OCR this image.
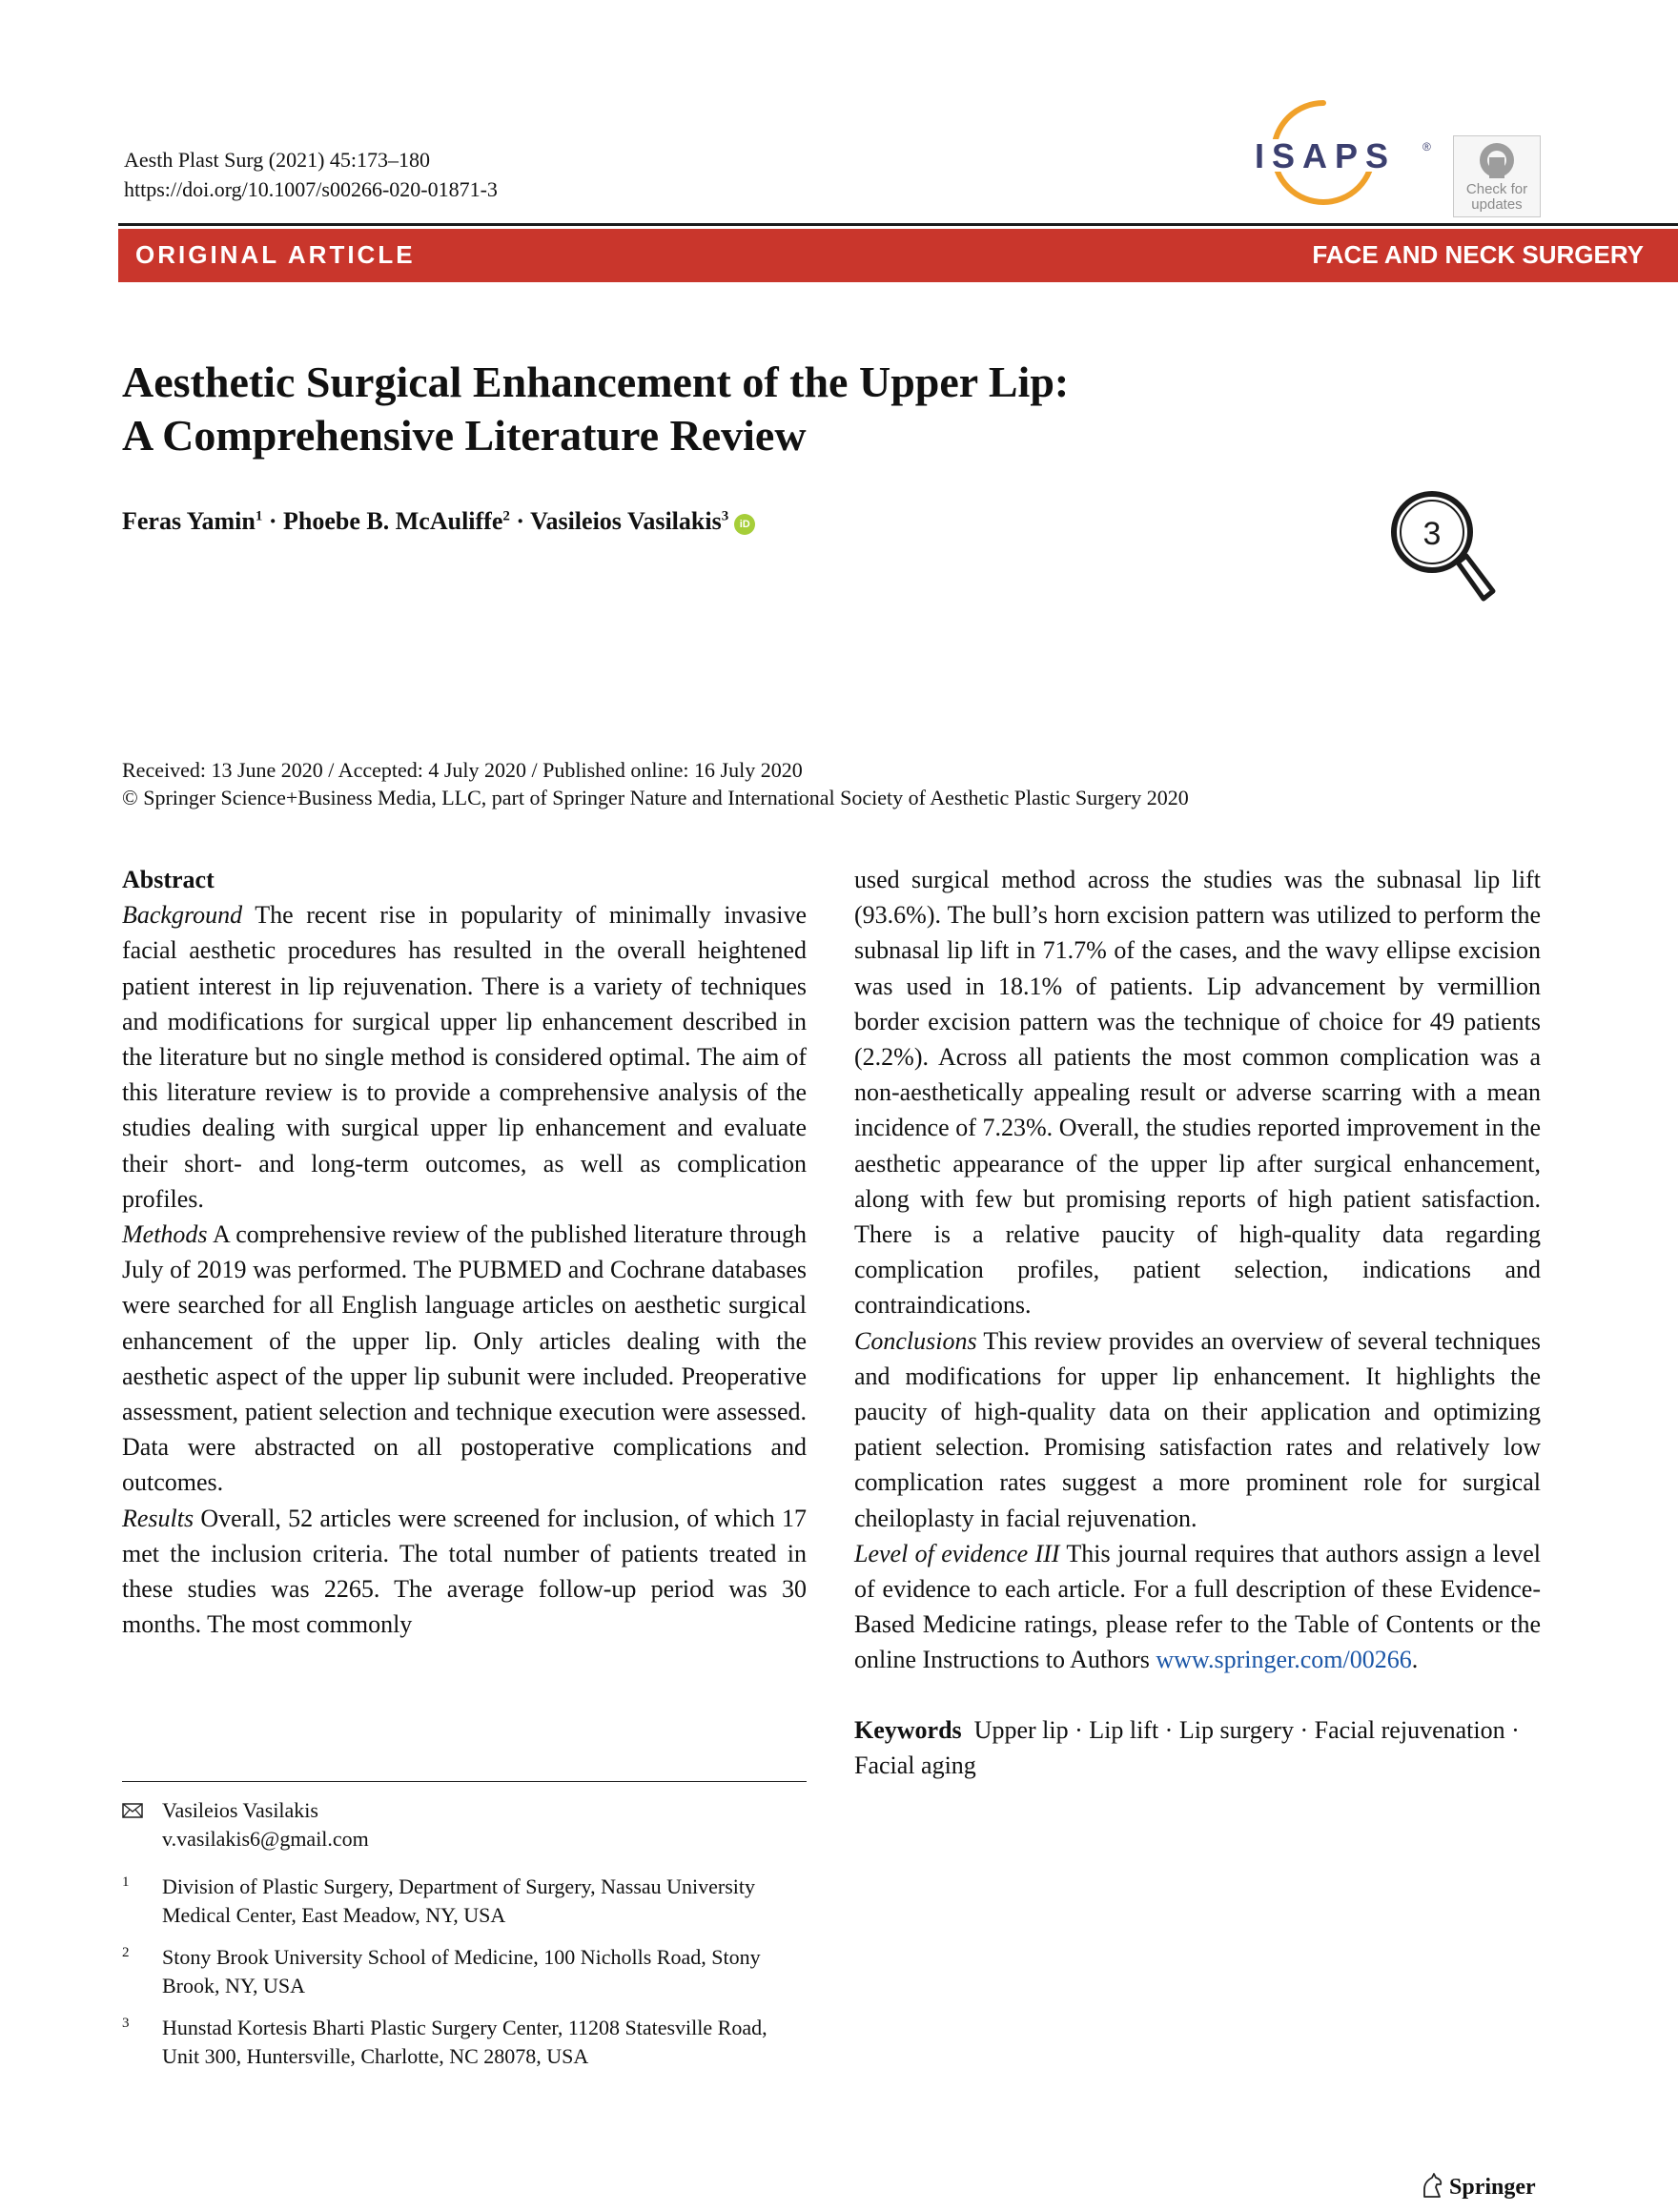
Aesth Plast Surg (2021) 45:173–180
https://doi.org/10.1007/s00266-020-01871-3
ISAPS ®
Check for updates
ORIGINAL ARTICLE	FACE AND NECK SURGERY
Aesthetic Surgical Enhancement of the Upper Lip:
A Comprehensive Literature Review
Feras Yamin$^1$ · Phoebe B. McAuliffe$^2$ · Vasileios Vasilakis$^3$iD	3
Received: 13 June 2020 / Accepted: 4 July 2020 / Published online: 16 July 2020
© Springer Science+Business Media, LLC, part of Springer Nature and International Society of Aesthetic Plastic Surgery 2020

Abstract

Background The recent rise in popularity of minimally invasive facial aesthetic procedures has resulted in the overall heightened patient interest in lip rejuvenation. There is a variety of techniques and modifications for surgical upper lip enhancement described in the literature but no single method is considered optimal. The aim of this literature review is to provide a comprehensive analysis of the studies dealing with surgical upper lip enhancement and evaluate their short- and long-term outcomes, as well as complication profiles.

Methods A comprehensive review of the published literature through July of 2019 was performed. The PUBMED and Cochrane databases were searched for all English language articles on aesthetic surgical enhancement of the upper lip. Only articles dealing with the aesthetic aspect of the upper lip subunit were included. Preoperative assessment, patient selection and technique execution were assessed. Data were abstracted on all postoperative complications and outcomes.

Results Overall, 52 articles were screened for inclusion, of which 17 met the inclusion criteria. The total number of patients treated in these studies was 2265. The average follow-up period was 30 months. The most commonly

used surgical method across the studies was the subnasal lip lift (93.6%). The bull’s horn excision pattern was utilized to perform the subnasal lip lift in 71.7% of the cases, and the wavy ellipse excision was used in 18.1% of patients. Lip advancement by vermillion border excision pattern was the technique of choice for 49 patients (2.2%). Across all patients the most common complication was a non-aesthetically appealing result or adverse scarring with a mean incidence of 7.23%. Overall, the studies reported improvement in the aesthetic appearance of the upper lip after surgical enhancement, along with few but promising reports of high patient satisfaction. There is a relative paucity of high-quality data regarding complication profiles, patient selection, indications and contraindications.

Conclusions This review provides an overview of several techniques and modifications for upper lip enhancement. It highlights the paucity of high-quality data on their application and optimizing patient selection. Promising satisfaction rates and relatively low complication rates suggest a more prominent role for surgical cheiloplasty in facial rejuvenation.

Level of evidence III This journal requires that authors assign a level of evidence to each article. For a full description of these Evidence-Based Medicine ratings, please refer to the Table of Contents or the online Instructions to Authors www.springer.com/00266.

Keywords Upper lip · Lip lift · Lip surgery · Facial rejuvenation · Facial aging

Vasileios Vasilakis
v.vasilakis6@gmail.com
1 Division of Plastic Surgery, Department of Surgery, Nassau University Medical Center, East Meadow, NY, USA
2 Stony Brook University School of Medicine, 100 Nicholls Road, Stony Brook, NY, USA
3 Hunstad Kortesis Bharti Plastic Surgery Center, 11208 Statesville Road, Unit 300, Huntersville, Charlotte, NC 28078, USA
Springer
